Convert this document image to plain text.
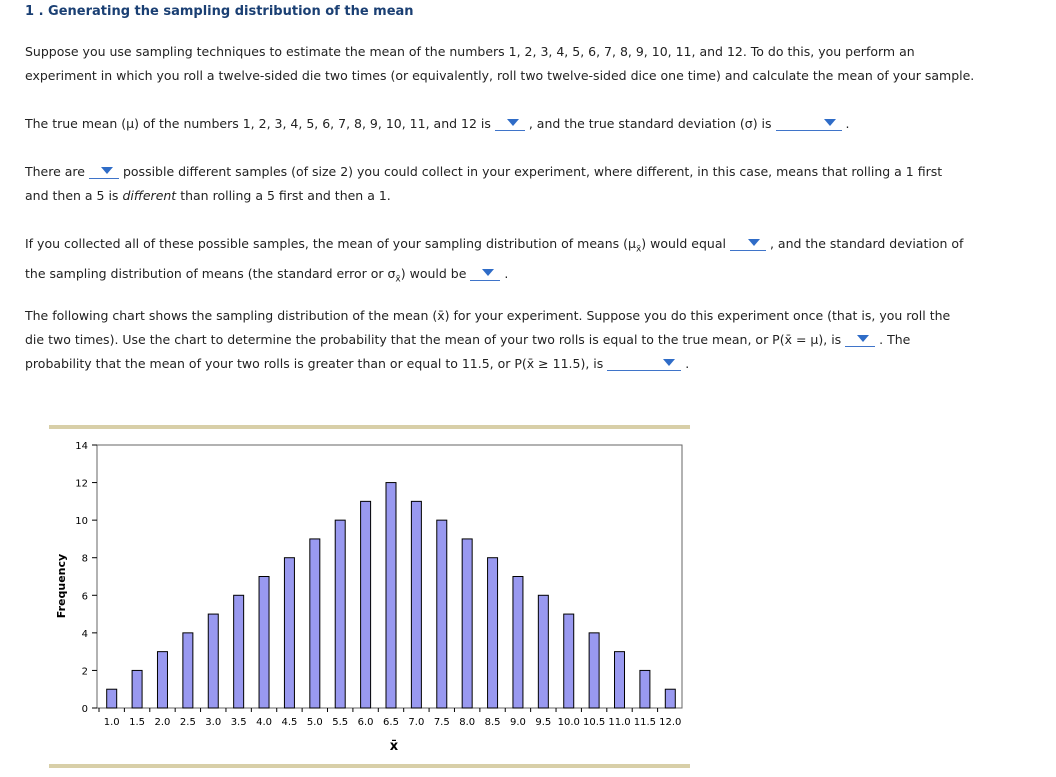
1 . Generating the sampling distribution of the mean
Suppose you use sampling techniques to estimate the mean of the numbers 1, 2, 3, 4, 5, 6, 7, 8, 9, 10, 11, and 12. To do this, you perform an
experiment in which you roll a twelve-sided die two times (or equivalently, roll two twelve-sided dice one time) and calculate the mean of your sample.
The true mean (μ) of the numbers 1, 2, 3, 4, 5, 6, 7, 8, 9, 10, 11, and 12 is	, and the true standard deviation (σ) is	.
There are	possible different samples (of size 2) you could collect in your experiment, where different, in this case, means that rolling a 1 first
and then a 5 is different than rolling a 5 first and then a 1.
If you collected all of these possible samples, the mean of your sampling distribution of means $(\mu_{x̄})$ would equal	, and the standard deviation of
the sampling distribution of means (the standard error or $\sigma_{x̄}$) would be	.
The following chart shows the sampling distribution of the mean (x̄) for your experiment. Suppose you do this experiment once (that is, you roll the
die two times). Use the chart to determine the probability that the mean of your two rolls is equal to the true mean, or P(x̄ = μ), is	. The
probability that the mean of your two rolls is greater than or equal to 11.5, or P(x̄ ≥ 11.5), is	.
0
2
4
6
8
10
12
14
1.0 1.5 2.0 2.5 3.0 3.5 4.0 4.5 5.0 5.5 6.0 6.5 7.0 7.5 8.0 8.5 9.0 9.5 10.0 10.5 11.0 11.5 12.0
Frequency
x̄
